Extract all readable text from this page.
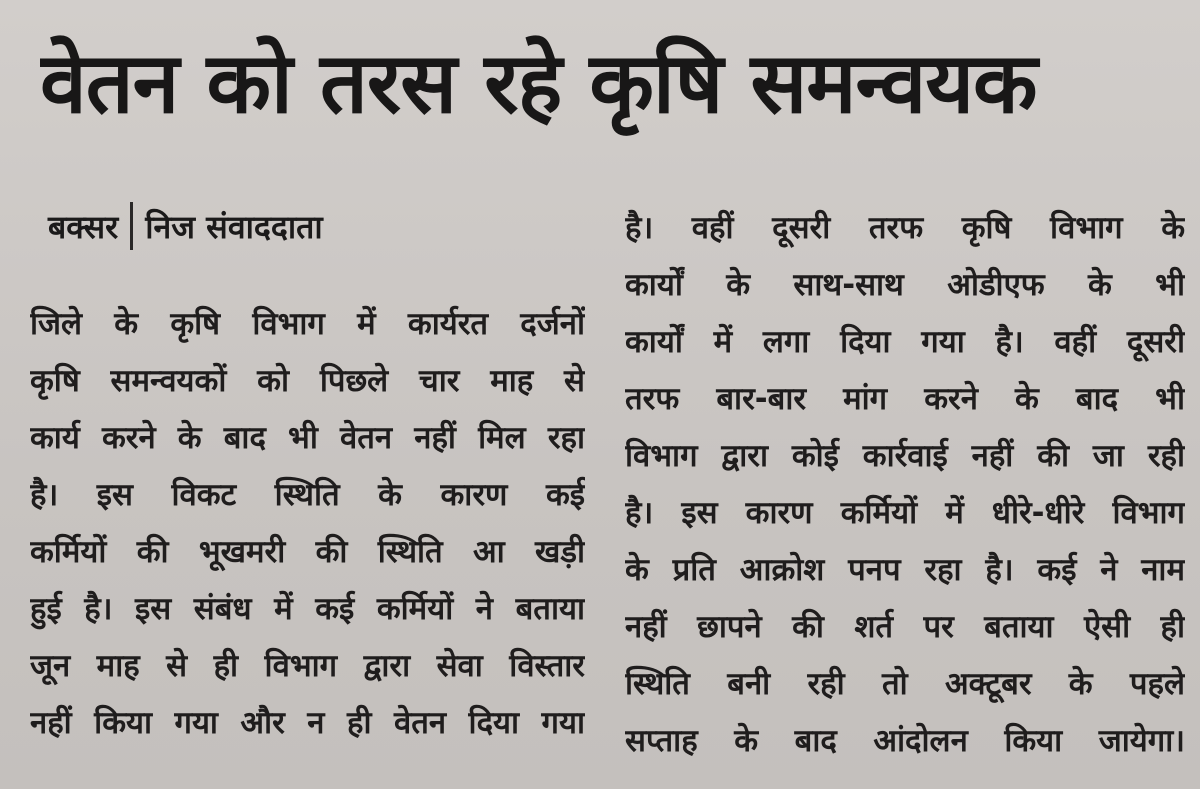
वेतन को तरस रहे कृषि समन्वयक
बक्सर निज संवाददाता
जिले के कृषि विभाग में कार्यरत दर्जनों
कृषि समन्वयकों को पिछले चार माह से
कार्य करने के बाद भी वेतन नहीं मिल रहा
है। इस विकट स्थिति के कारण कई
कर्मियों की भूखमरी की स्थिति आ खड़ी
हुई है। इस संबंध में कई कर्मियों ने बताया
जून माह से ही विभाग द्वारा सेवा विस्तार
नहीं किया गया और न ही वेतन दिया गया
है। वहीं दूसरी तरफ कृषि विभाग के
कार्यों के साथ-साथ ओडीएफ के भी
कार्यों में लगा दिया गया है। वहीं दूसरी
तरफ बार-बार मांग करने के बाद भी
विभाग द्वारा कोई कार्रवाई नहीं की जा रही
है। इस कारण कर्मियों में धीरे-धीरे विभाग
के प्रति आक्रोश पनप रहा है। कई ने नाम
नहीं छापने की शर्त पर बताया ऐसी ही
स्थिति बनी रही तो अक्टूबर के पहले
सप्ताह के बाद आंदोलन किया जायेगा।
